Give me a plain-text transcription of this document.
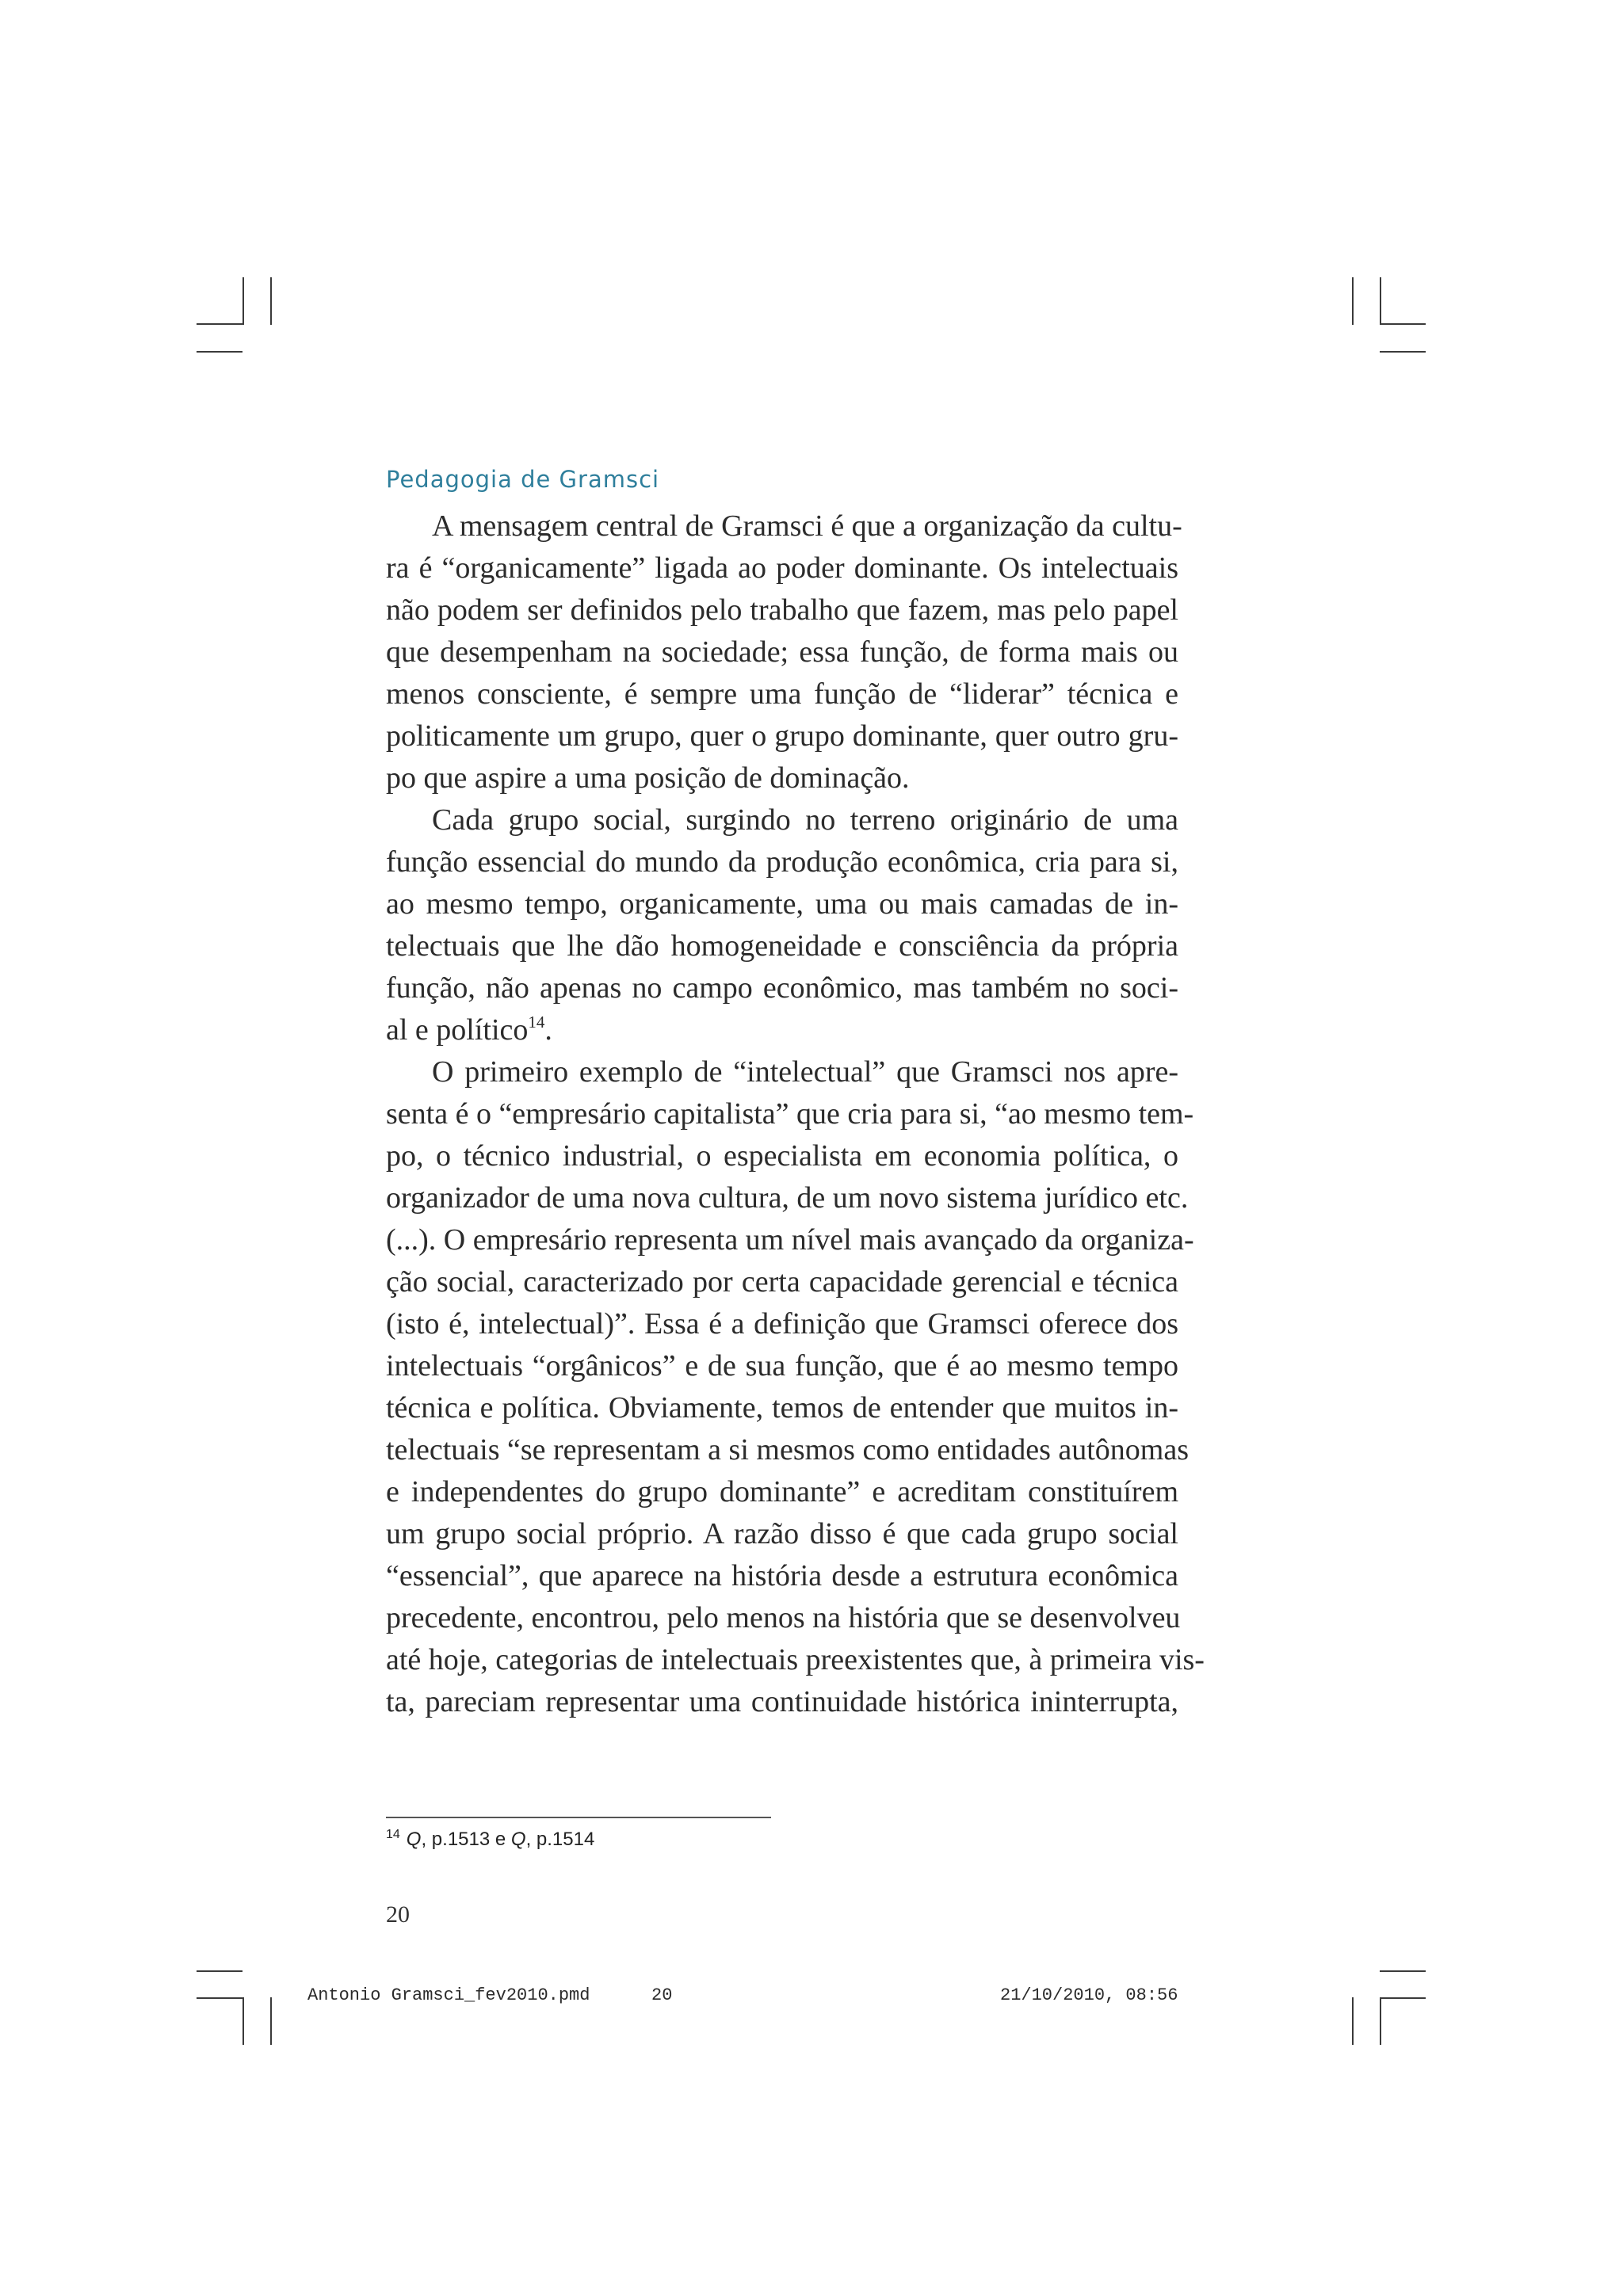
Pedagogia de Gramsci
A mensagem central de Gramsci é que a organização da cultu-
ra é “organicamente” ligada ao poder dominante. Os intelectuais
não podem ser definidos pelo trabalho que fazem, mas pelo papel
que desempenham na sociedade; essa função, de forma mais ou
menos consciente, é sempre uma função de “liderar” técnica e
politicamente um grupo, quer o grupo dominante, quer outro gru-
po que aspire a uma posição de dominação.
Cada grupo social, surgindo no terreno originário de uma
função essencial do mundo da produção econômica, cria para si,
ao mesmo tempo, organicamente, uma ou mais camadas de in-
telectuais que lhe dão homogeneidade e consciência da própria
função, não apenas no campo econômico, mas também no soci-
al e político$^{14}$.
O primeiro exemplo de “intelectual” que Gramsci nos apre-
senta é o “empresário capitalista” que cria para si, “ao mesmo tem-
po, o técnico industrial, o especialista em economia política, o
organizador de uma nova cultura, de um novo sistema jurídico etc.
(...). O empresário representa um nível mais avançado da organiza-
ção social, caracterizado por certa capacidade gerencial e técnica
(isto é, intelectual)”. Essa é a definição que Gramsci oferece dos
intelectuais “orgânicos” e de sua função, que é ao mesmo tempo
técnica e política. Obviamente, temos de entender que muitos in-
telectuais “se representam a si mesmos como entidades autônomas
e independentes do grupo dominante” e acreditam constituírem
um grupo social próprio. A razão disso é que cada grupo social
“essencial”, que aparece na história desde a estrutura econômica
precedente, encontrou, pelo menos na história que se desenvolveu
até hoje, categorias de intelectuais preexistentes que, à primeira vis-
ta, pareciam representar uma continuidade histórica ininterrupta,
$^{14}$ Q, p.1513 e Q, p.1514
20
Antonio Gramsci_fev2010.pmd	20	21/10/2010, 08:56
